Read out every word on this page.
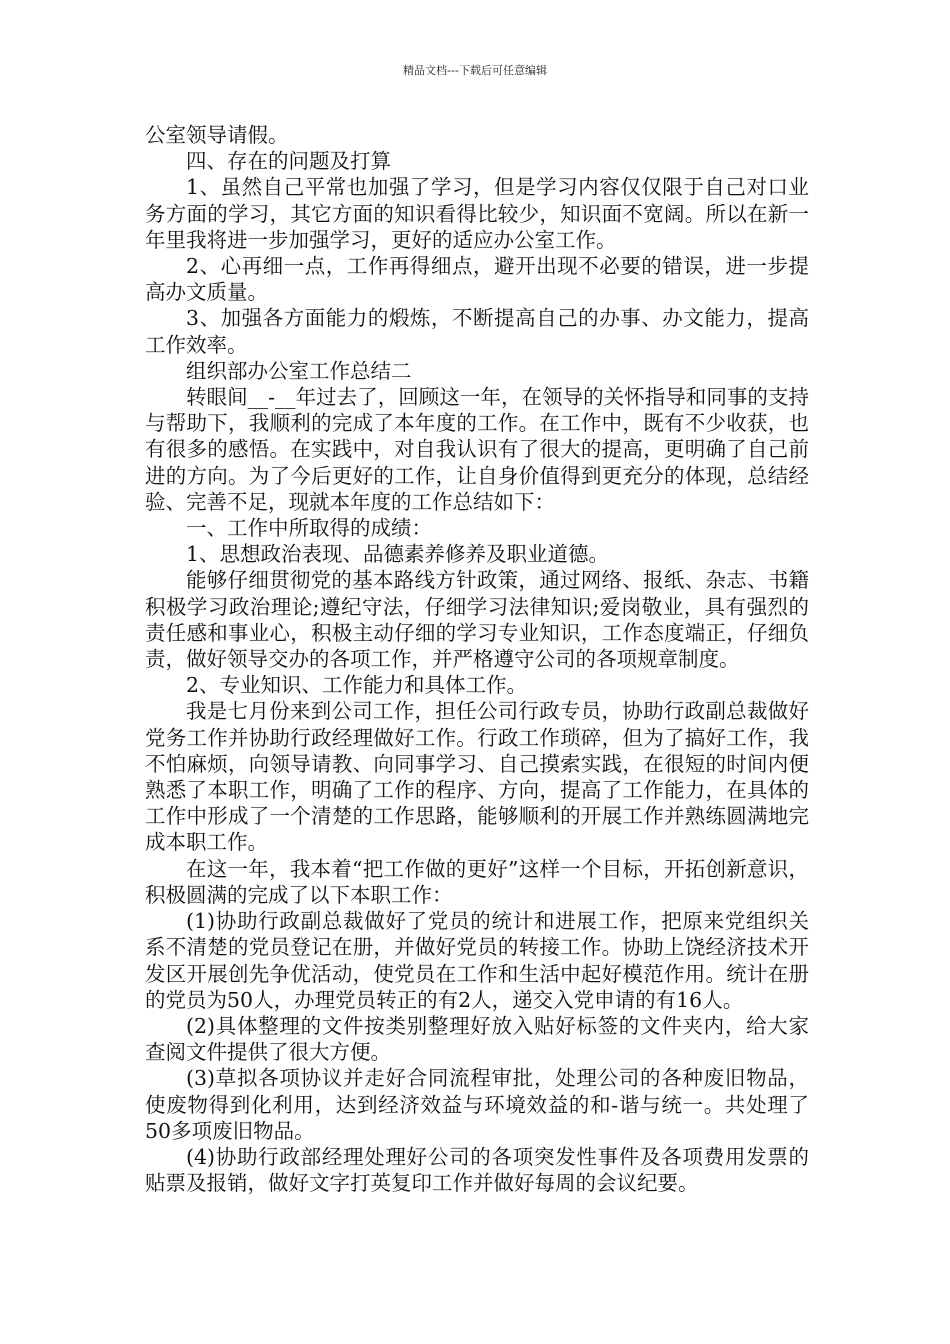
精品文档---下载后可任意编辑

公室领导请假。

四、存在的问题及打算

1、虽然自己平常也加强了学习，但是学习内容仅仅限于自己对口业务方面的学习，其它方面的知识看得比较少，知识面不宽阔。所以在新一年里我将进一步加强学习，更好的适应办公室工作。

2、心再细一点，工作再得细点，避开出现不必要的错误，进一步提高办文质量。

3、加强各方面能力的煅炼，不断提高自己的办事、办文能力，提高工作效率。

组织部办公室工作总结二

转眼间__-__年过去了，回顾这一年，在领导的关怀指导和同事的支持与帮助下，我顺利的完成了本年度的工作。在工作中，既有不少收获，也有很多的感悟。在实践中，对自我认识有了很大的提高，更明确了自己前进的方向。为了今后更好的工作，让自身价值得到更充分的体现，总结经验、完善不足，现就本年度的工作总结如下：

一、工作中所取得的成绩：

1、思想政治表现、品德素养修养及职业道德。

能够仔细贯彻党的基本路线方针政策，通过网络、报纸、杂志、书籍积极学习政治理论;遵纪守法，仔细学习法律知识;爱岗敬业，具有强烈的责任感和事业心，积极主动仔细的学习专业知识，工作态度端正，仔细负责，做好领导交办的各项工作，并严格遵守公司的各项规章制度。

2、专业知识、工作能力和具体工作。

我是七月份来到公司工作，担任公司行政专员，协助行政副总裁做好党务工作并协助行政经理做好工作。行政工作琐碎，但为了搞好工作，我不怕麻烦，向领导请教、向同事学习、自己摸索实践，在很短的时间内便熟悉了本职工作，明确了工作的程序、方向，提高了工作能力，在具体的工作中形成了一个清楚的工作思路，能够顺利的开展工作并熟练圆满地完成本职工作。

在这一年，我本着“把工作做的更好”这样一个目标，开拓创新意识，积极圆满的完成了以下本职工作：

(1)协助行政副总裁做好了党员的统计和进展工作，把原来党组织关系不清楚的党员登记在册，并做好党员的转接工作。协助上饶经济技术开发区开展创先争优活动，使党员在工作和生活中起好模范作用。统计在册的党员为50人，办理党员转正的有2人，递交入党申请的有16人。

(2)具体整理的文件按类别整理好放入贴好标签的文件夹内，给大家查阅文件提供了很大方便。

(3)草拟各项协议并走好合同流程审批，处理公司的各种废旧物品，使废物得到化利用，达到经济效益与环境效益的和-谐与统一。共处理了50多项废旧物品。

(4)协助行政部经理处理好公司的各项突发性事件及各项费用发票的贴票及报销，做好文字打英复印工作并做好每周的会议纪要。
